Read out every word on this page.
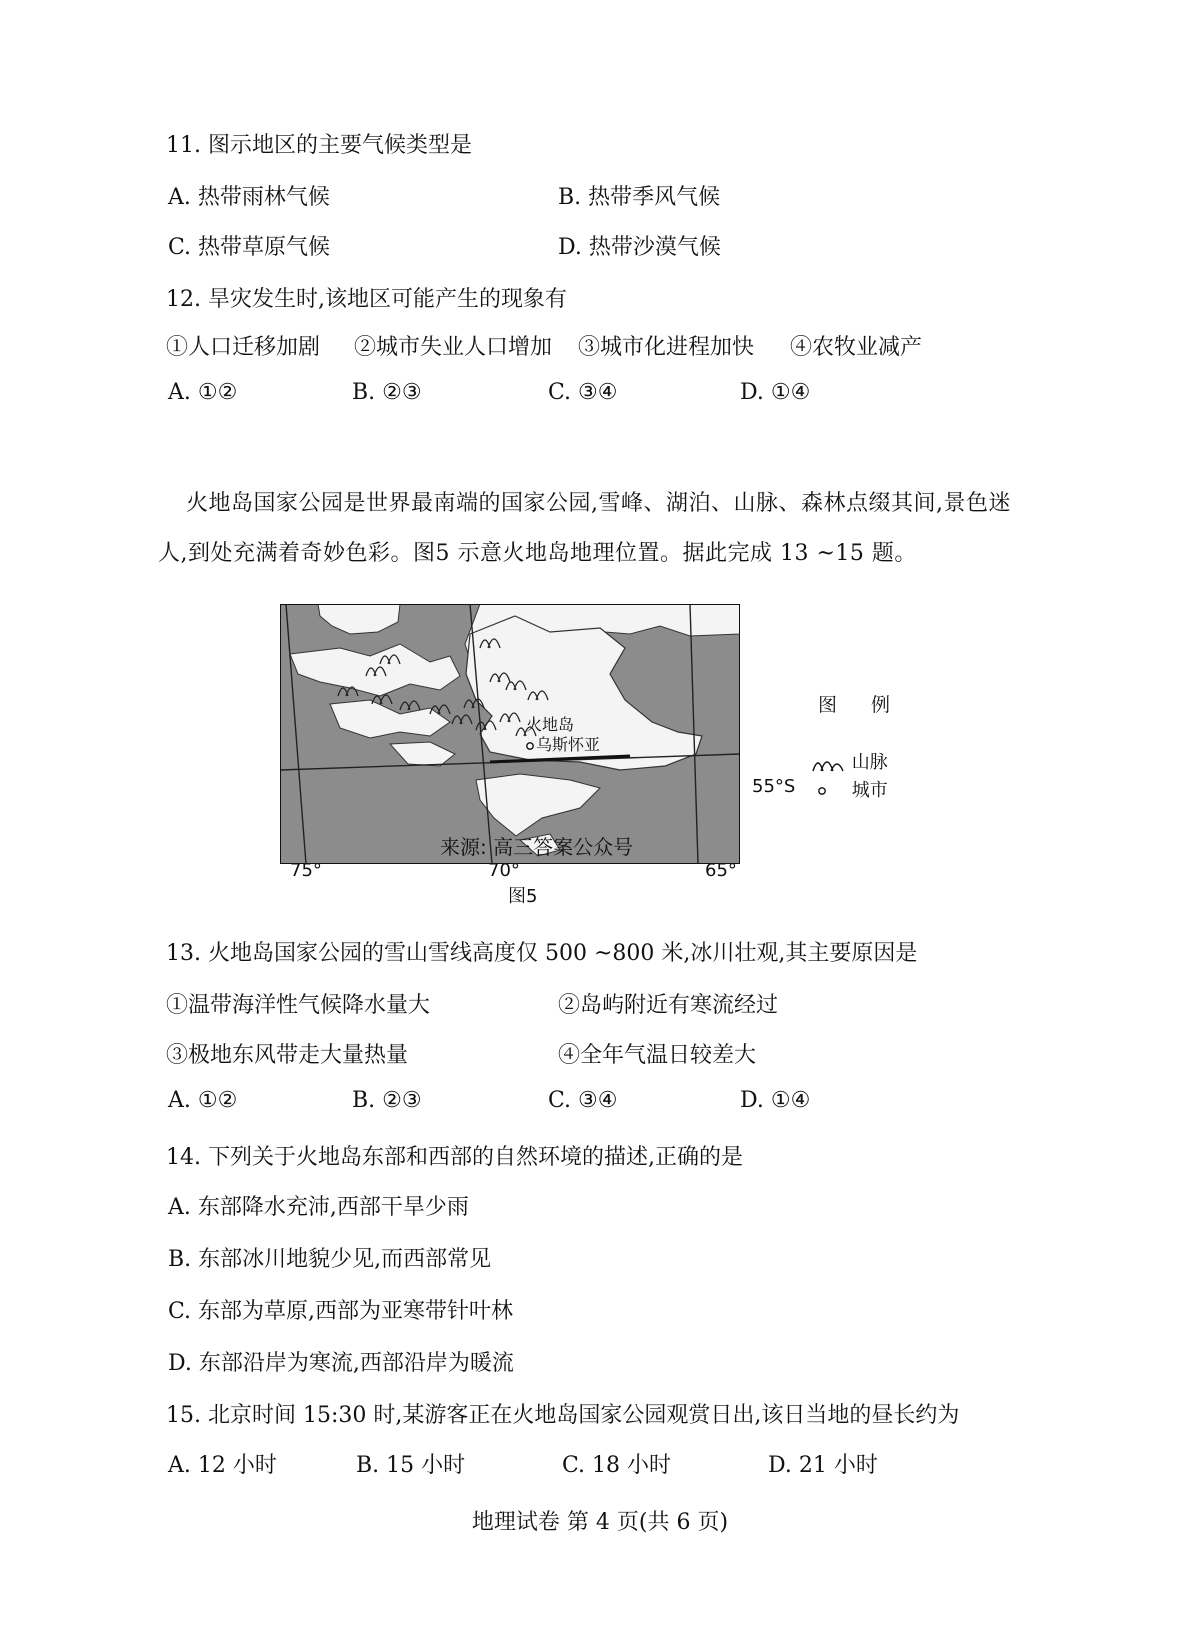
11. 图示地区的主要气候类型是
A. 热带雨林气候	B. 热带季风气候
C. 热带草原气候	D. 热带沙漠气候
12. 旱灾发生时,该地区可能产生的现象有
①人口迁移加剧 ②城市失业人口增加 ③城市化进程加快 ④农牧业减产
A. ①②	B. ②③	C. ③④	D. ①④
火地岛国家公园是世界最南端的国家公园,雪峰、湖泊、山脉、森林点缀其间,景色迷
人,到处充满着奇妙色彩。图5 示意火地岛地理位置。据此完成 13 ~15 题。
火地岛
乌斯怀亚
来源: 高三答案公众号
55°S
75°	70°	65°
图5
图 例
山脉
城市
13. 火地岛国家公园的雪山雪线高度仅 500 ~800 米,冰川壮观,其主要原因是
①温带海洋性气候降水量大	②岛屿附近有寒流经过
③极地东风带走大量热量	④全年气温日较差大
A. ①②	B. ②③	C. ③④	D. ①④
14. 下列关于火地岛东部和西部的自然环境的描述,正确的是
A. 东部降水充沛,西部干旱少雨
B. 东部冰川地貌少见,而西部常见
C. 东部为草原,西部为亚寒带针叶林
D. 东部沿岸为寒流,西部沿岸为暖流
15. 北京时间 15:30 时,某游客正在火地岛国家公园观赏日出,该日当地的昼长约为
A. 12 小时	B. 15 小时	C. 18 小时	D. 21 小时
地理试卷 第 4 页(共 6 页)
